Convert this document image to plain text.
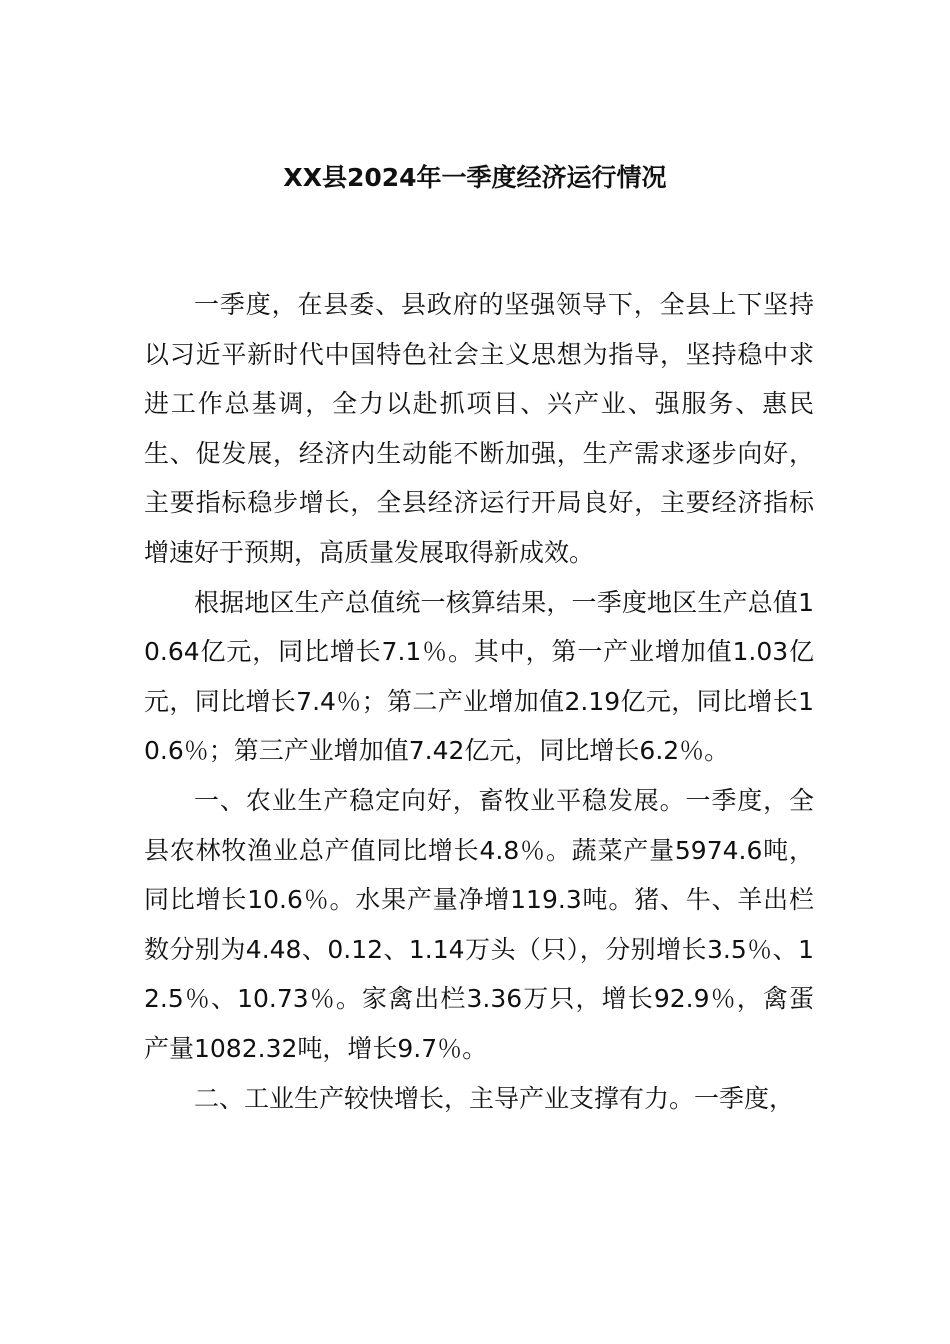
XX县2024年一季度经济运行情况

一季度，在县委、县政府的坚强领导下，全县上下坚持以习近平新时代中国特色社会主义思想为指导，坚持稳中求进工作总基调，全力以赴抓项目、兴产业、强服务、惠民生、促发展，经济内生动能不断加强，生产需求逐步向好，主要指标稳步增长，全县经济运行开局良好，主要经济指标增速好于预期，高质量发展取得新成效。

根据地区生产总值统一核算结果，一季度地区生产总值10.64亿元，同比增长7.1％。其中，第一产业增加值1.03亿元，同比增长7.4％；第二产业增加值2.19亿元，同比增长10.6％；第三产业增加值7.42亿元，同比增长6.2％。

一、农业生产稳定向好，畜牧业平稳发展。一季度，全县农林牧渔业总产值同比增长4.8％。蔬菜产量5974.6吨，同比增长10.6％。水果产量净增119.3吨。猪、牛、羊出栏数分别为4.48、0.12、1.14万头（只），分别增长3.5％、12.5％、10.73％。家禽出栏3.36万只，增长92.9％，禽蛋产量1082.32吨，增长9.7％。

二、工业生产较快增长，主导产业支撑有力。一季度，
